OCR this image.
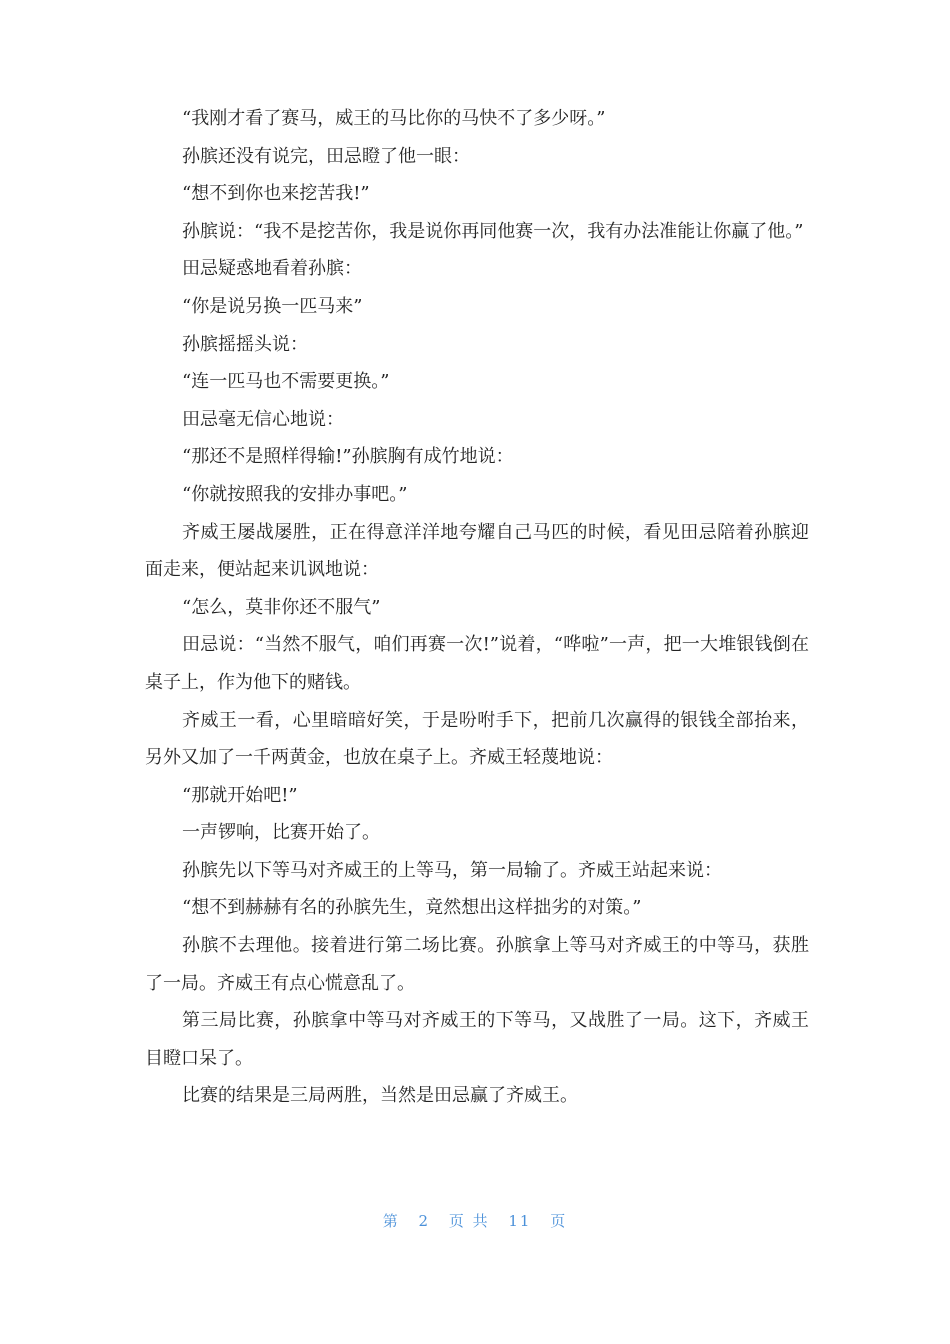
“我刚才看了赛马，威王的马比你的马快不了多少呀。”

孙膑还没有说完，田忌瞪了他一眼：

“想不到你也来挖苦我!”

孙膑说：“我不是挖苦你，我是说你再同他赛一次，我有办法准能让你赢了他。”

田忌疑惑地看着孙膑：

“你是说另换一匹马来”

孙膑摇摇头说：

“连一匹马也不需要更换。”

田忌毫无信心地说：

“那还不是照样得输!”孙膑胸有成竹地说：

“你就按照我的安排办事吧。”

齐威王屡战屡胜，正在得意洋洋地夸耀自己马匹的时候，看见田忌陪着孙膑迎面走来，便站起来讥讽地说：

“怎么，莫非你还不服气”

田忌说：“当然不服气，咱们再赛一次!”说着，“哗啦”一声，把一大堆银钱倒在桌子上，作为他下的赌钱。

齐威王一看，心里暗暗好笑，于是吩咐手下，把前几次赢得的银钱全部抬来，另外又加了一千两黄金，也放在桌子上。齐威王轻蔑地说：

“那就开始吧!”

一声锣响，比赛开始了。

孙膑先以下等马对齐威王的上等马，第一局输了。齐威王站起来说：

“想不到赫赫有名的孙膑先生，竟然想出这样拙劣的对策。”

孙膑不去理他。接着进行第二场比赛。孙膑拿上等马对齐威王的中等马，获胜了一局。齐威王有点心慌意乱了。

第三局比赛，孙膑拿中等马对齐威王的下等马，又战胜了一局。这下，齐威王目瞪口呆了。

比赛的结果是三局两胜，当然是田忌赢了齐威王。

第 2 页 共 11 页
